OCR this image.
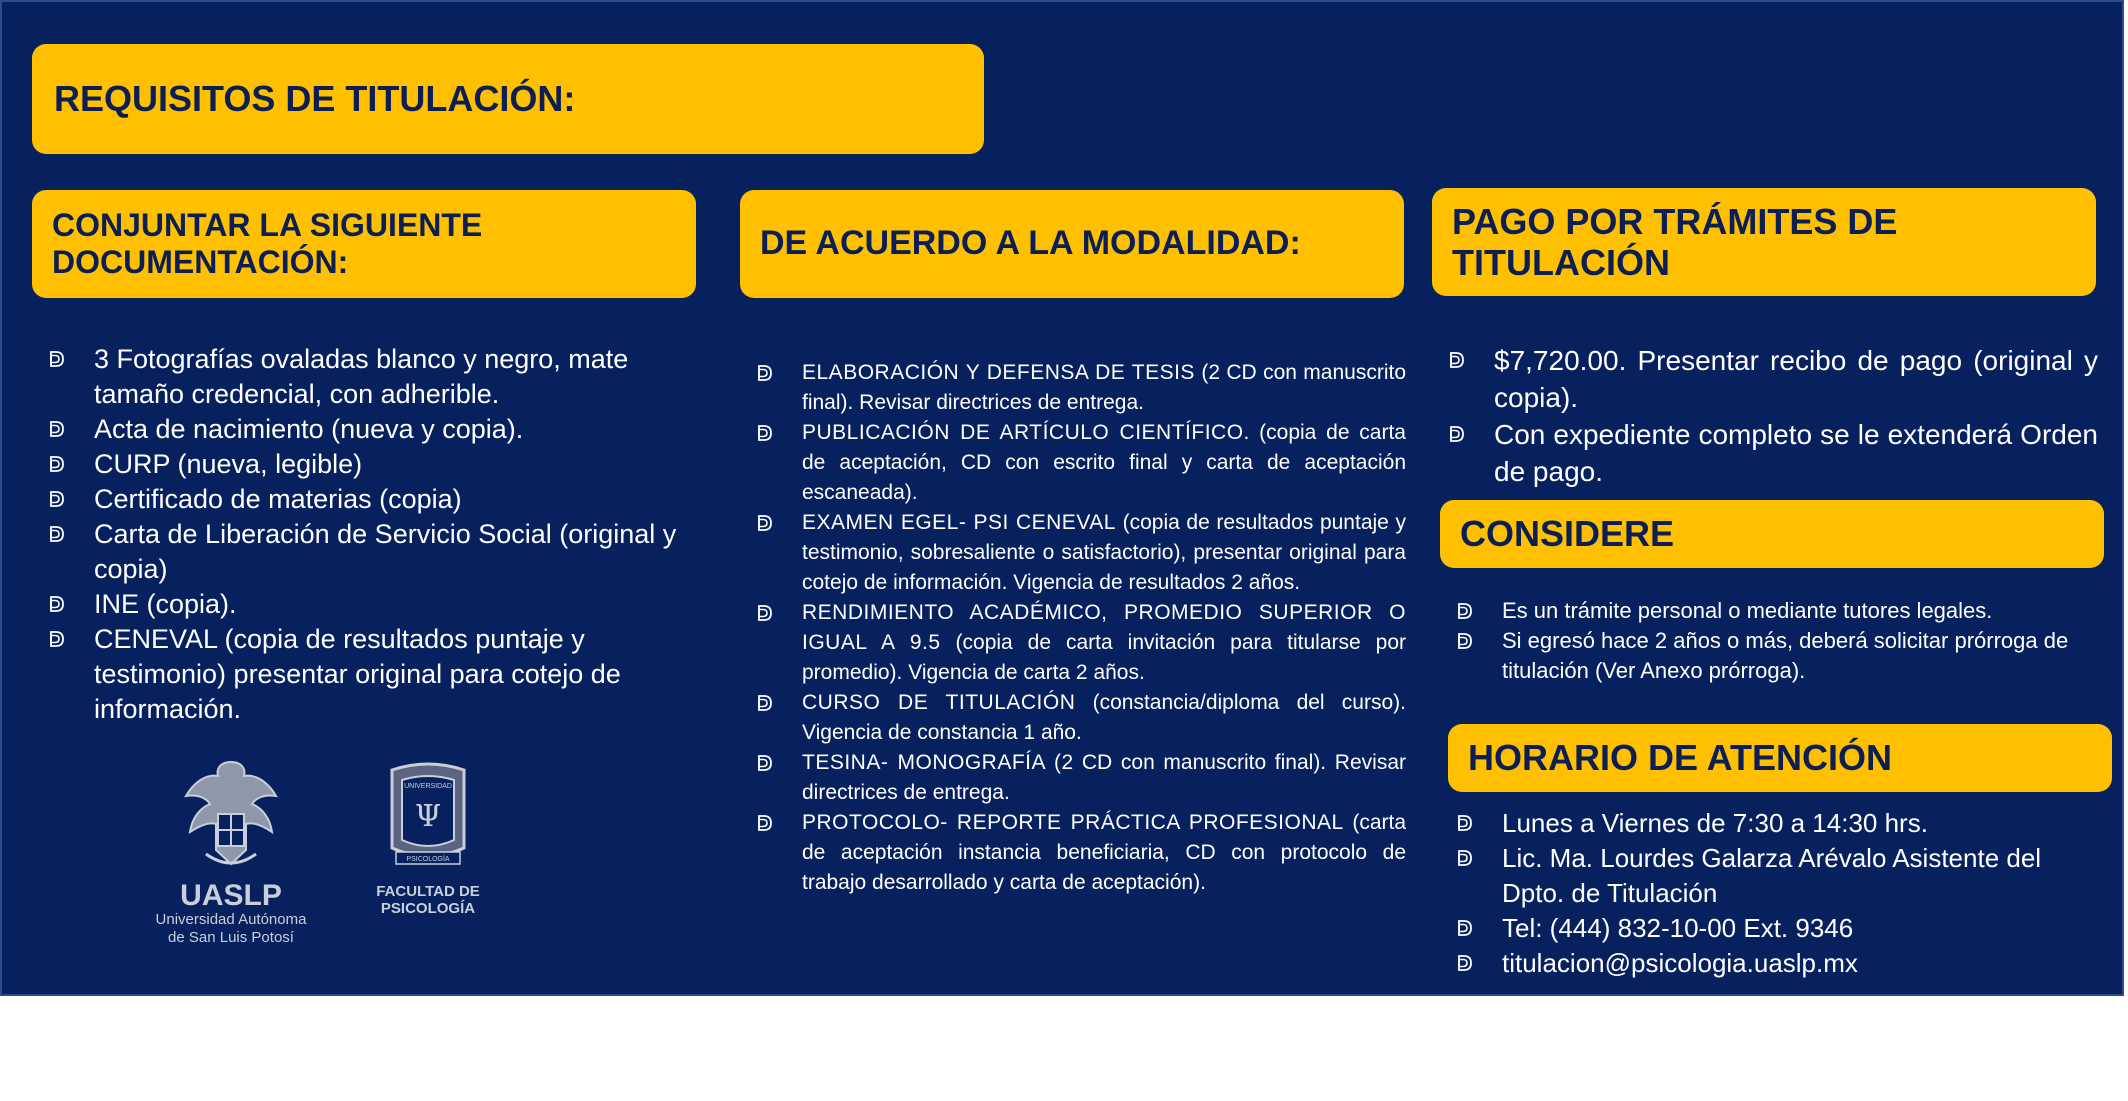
REQUISITOS DE TITULACIÓN:
CONJUNTAR LA SIGUIENTE DOCUMENTACIÓN:
3 Fotografías ovaladas blanco y negro, mate tamaño credencial, con adherible.
Acta de nacimiento (nueva y copia).
CURP (nueva, legible)
Certificado de materias (copia)
Carta de Liberación de Servicio Social (original y copia)
INE (copia).
CENEVAL (copia de resultados puntaje y testimonio) presentar original para cotejo de información.
UASLP
Universidad Autónoma
de San Luis Potosí
UNIVERSIDAD
Ψ
PSICOLOGÍA
FACULTAD DE
PSICOLOGÍA
DE ACUERDO A LA MODALIDAD:
ELABORACIÓN Y DEFENSA DE TESIS (2 CD con manuscrito final). Revisar directrices de entrega.
PUBLICACIÓN DE ARTÍCULO CIENTÍFICO. (copia de carta de aceptación, CD con escrito final y carta de aceptación escaneada).
EXAMEN EGEL- PSI CENEVAL (copia de resultados puntaje y testimonio, sobresaliente o satisfactorio), presentar original para cotejo de información. Vigencia de resultados 2 años.
RENDIMIENTO ACADÉMICO, PROMEDIO SUPERIOR O IGUAL A 9.5 (copia de carta invitación para titularse por promedio). Vigencia de carta 2 años.
CURSO DE TITULACIÓN (constancia/diploma del curso). Vigencia de constancia 1 año.
TESINA- MONOGRAFÍA (2 CD con manuscrito final). Revisar directrices de entrega.
PROTOCOLO- REPORTE PRÁCTICA PROFESIONAL (carta de aceptación instancia beneficiaria, CD con protocolo de trabajo desarrollado y carta de aceptación).
PAGO POR TRÁMITES DE TITULACIÓN
$7,720.00. Presentar recibo de pago (original y copia).
Con expediente completo se le extenderá Orden de pago.
CONSIDERE
Es un trámite personal o mediante tutores legales.
Si egresó hace 2 años o más, deberá solicitar prórroga de titulación (Ver Anexo prórroga).
HORARIO DE ATENCIÓN
Lunes a Viernes de 7:30 a 14:30 hrs.
Lic. Ma. Lourdes Galarza Arévalo Asistente del Dpto. de Titulación
Tel: (444) 832-10-00 Ext. 9346
titulacion@psicologia.uaslp.mx
